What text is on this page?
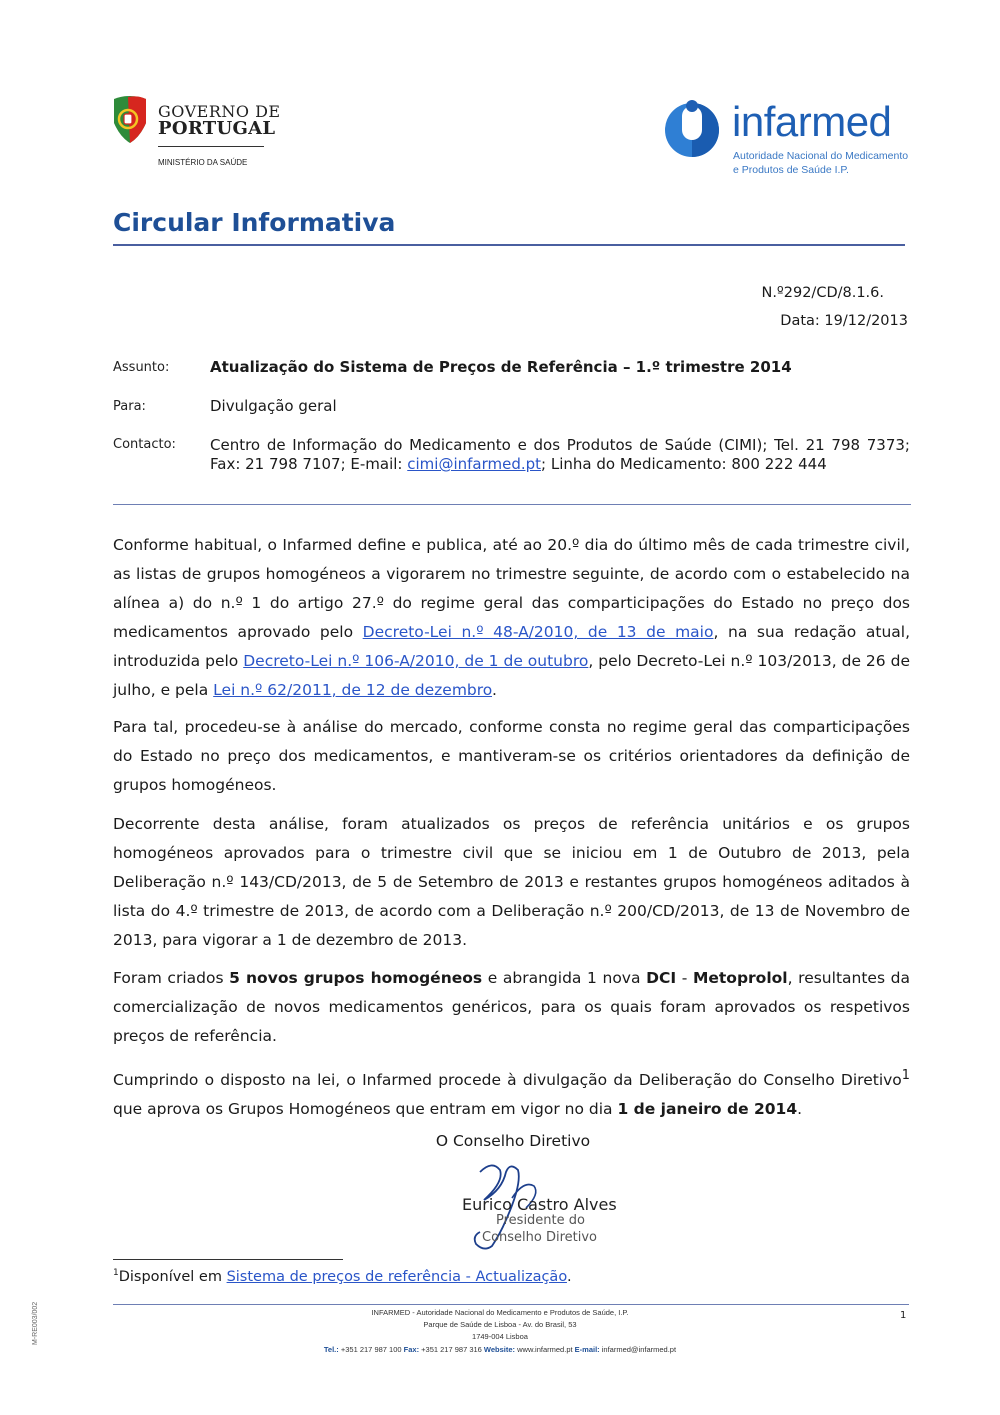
GOVERNO DE
PORTUGAL
MINISTÉRIO DA SAÚDE
infarmed
Autoridade Nacional do Medicamento
e Produtos de Saúde I.P.
Circular Informativa
N.º292/CD/8.1.6.
Data: 19/12/2013
Assunto:	Atualização do Sistema de Preços de Referência – 1.º trimestre 2014
Para:	Divulgação geral
Contacto: Centro de Informação do Medicamento e dos Produtos de Saúde (CIMI); Tel. 21 798 7373; Fax: 21 798 7107; E-mail: cimi@infarmed.pt; Linha do Medicamento: 800 222 444
Conforme habitual, o Infarmed define e publica, até ao 20.º dia do último mês de cada trimestre civil, as listas de grupos homogéneos a vigorarem no trimestre seguinte, de acordo com o estabelecido na alínea a) do n.º 1 do artigo 27.º do regime geral das comparticipações do Estado no preço dos medicamentos aprovado pelo Decreto-Lei n.º 48-A/2010, de 13 de maio, na sua redação atual, introduzida pelo Decreto-Lei n.º 106-A/2010, de 1 de outubro, pelo Decreto-Lei n.º 103/2013, de 26 de julho, e pela Lei n.º 62/2011, de 12 de dezembro.
Para tal, procedeu-se à análise do mercado, conforme consta no regime geral das comparticipações do Estado no preço dos medicamentos, e mantiveram-se os critérios orientadores da definição de grupos homogéneos.
Decorrente desta análise, foram atualizados os preços de referência unitários e os grupos homogéneos aprovados para o trimestre civil que se iniciou em 1 de Outubro de 2013, pela Deliberação n.º 143/CD/2013, de 5 de Setembro de 2013 e restantes grupos homogéneos aditados à lista do 4.º trimestre de 2013, de acordo com a Deliberação n.º 200/CD/2013, de 13 de Novembro de 2013, para vigorar a 1 de dezembro de 2013.
Foram criados 5 novos grupos homogéneos e abrangida 1 nova DCI - Metoprolol, resultantes da comercialização de novos medicamentos genéricos, para os quais foram aprovados os respetivos preços de referência.
Cumprindo o disposto na lei, o Infarmed procede à divulgação da Deliberação do Conselho Diretivo$^1$ que aprova os Grupos Homogéneos que entram em vigor no dia 1 de janeiro de 2014.
O Conselho Diretivo
Eurico Castro Alves
Presidente do
Conselho Diretivo
$^1$Disponível em Sistema de preços de referência - Actualização.
INFARMED - Autoridade Nacional do Medicamento e Produtos de Saúde, I.P.
Parque de Saúde de Lisboa - Av. do Brasil, 53
1749-004 Lisboa
Tel.: +351 217 987 100 Fax: +351 217 987 316 Website: www.infarmed.pt E-mail: infarmed@infarmed.pt
1
M-RE003/002
